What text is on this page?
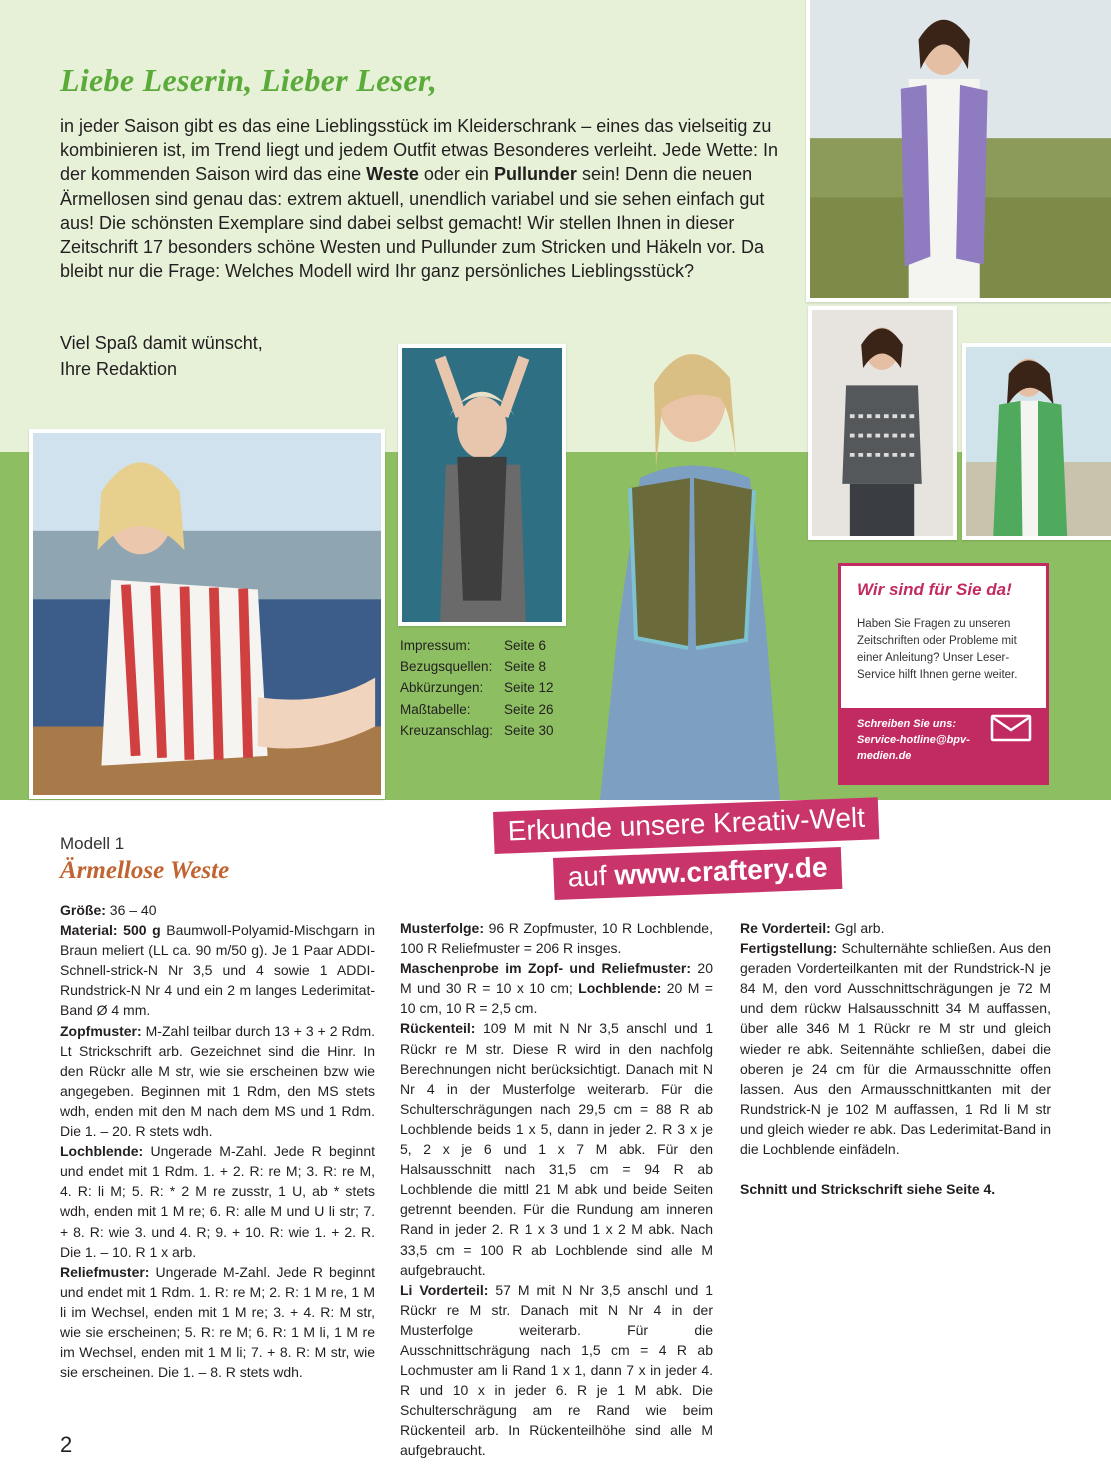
Liebe Leserin, Lieber Leser,

in jeder Saison gibt es das eine Lieblingsstück im Kleiderschrank – eines das vielseitig zu kombinieren ist, im Trend liegt und jedem Outfit etwas Besonderes verleiht. Jede Wette: In der kommenden Saison wird das eine Weste oder ein Pullunder sein! Denn die neuen Ärmellosen sind genau das: extrem aktuell, unendlich variabel und sie sehen einfach gut aus! Die schönsten Exemplare sind dabei selbst gemacht! Wir stellen Ihnen in dieser Zeitschrift 17 besonders schöne Westen und Pullunder zum Stricken und Häkeln vor. Da bleibt nur die Frage: Welches Modell wird Ihr ganz persönliches Lieblingsstück?

Viel Spaß damit wünscht,
Ihre Redaktion

Impressum:	Seite 6
Bezugsquellen: Seite 8
Abkürzungen:	Seite 12
Maßtabelle:	Seite 26
Kreuzanschlag: Seite 30

Wir sind für Sie da!

Haben Sie Fragen zu unseren Zeitschriften oder Probleme mit einer Anleitung? Unser Leser-Service hilft Ihnen gerne weiter.

Schreiben Sie uns: Service-hotline@bpv-medien.de

Erkunde unsere Kreativ-Welt
auf www.craftery.de

Modell 1

Ärmellose Weste

Größe: 36 – 40

Material: 500 g Baumwoll-Polyamid-Mischgarn in Braun meliert (LL ca. 90 m/50 g). Je 1 Paar ADDI-Schnell-strick-N Nr 3,5 und 4 sowie 1 ADDI-Rundstrick-N Nr 4 und ein 2 m langes Lederimitat-Band Ø 4 mm.

Zopfmuster: M-Zahl teilbar durch 13 + 3 + 2 Rdm. Lt Strickschrift arb. Gezeichnet sind die Hinr. In den Rückr alle M str, wie sie erscheinen bzw wie angegeben. Beginnen mit 1 Rdm, den MS stets wdh, enden mit den M nach dem MS und 1 Rdm. Die 1. – 20. R stets wdh.

Lochblende: Ungerade M-Zahl. Jede R beginnt und endet mit 1 Rdm. 1. + 2. R: re M; 3. R: re M, 4. R: li M; 5. R: * 2 M re zusstr, 1 U, ab * stets wdh, enden mit 1 M re; 6. R: alle M und U li str; 7. + 8. R: wie 3. und 4. R; 9. + 10. R: wie 1. + 2. R. Die 1. – 10. R 1 x arb.

Reliefmuster: Ungerade M-Zahl. Jede R beginnt und endet mit 1 Rdm. 1. R: re M; 2. R: 1 M re, 1 M li im Wechsel, enden mit 1 M re; 3. + 4. R: M str, wie sie erscheinen; 5. R: re M; 6. R: 1 M li, 1 M re im Wechsel, enden mit 1 M li; 7. + 8. R: M str, wie sie erscheinen. Die 1. – 8. R stets wdh.

Musterfolge: 96 R Zopfmuster, 10 R Lochblende, 100 R Reliefmuster = 206 R insges.

Maschenprobe im Zopf- und Reliefmuster: 20 M und 30 R = 10 x 10 cm; Lochblende: 20 M = 10 cm, 10 R = 2,5 cm.

Rückenteil: 109 M mit N Nr 3,5 anschl und 1 Rückr re M str. Diese R wird in den nachfolg Berechnungen nicht berücksichtigt. Danach mit N Nr 4 in der Musterfolge weiterarb. Für die Schulterschrägungen nach 29,5 cm = 88 R ab Lochblende beids 1 x 5, dann in jeder 2. R 3 x je 5, 2 x je 6 und 1 x 7 M abk. Für den Halsausschnitt nach 31,5 cm = 94 R ab Lochblende die mittl 21 M abk und beide Seiten getrennt beenden. Für die Rundung am inneren Rand in jeder 2. R 1 x 3 und 1 x 2 M abk. Nach 33,5 cm = 100 R ab Lochblende sind alle M aufgebraucht.

Li Vorderteil: 57 M mit N Nr 3,5 anschl und 1 Rückr re M str. Danach mit N Nr 4 in der Musterfolge weiterarb. Für die Ausschnittschrägung nach 1,5 cm = 4 R ab Lochmuster am li Rand 1 x 1, dann 7 x in jeder 4. R und 10 x in jeder 6. R je 1 M abk. Die Schulterschrägung am re Rand wie beim Rückenteil arb. In Rückenteilhöhe sind alle M aufgebraucht.

Re Vorderteil: Ggl arb.

Fertigstellung: Schulternähte schließen. Aus den geraden Vorderteilkanten mit der Rundstrick-N je 84 M, den vord Ausschnittschrägungen je 72 M und dem rückw Halsausschnitt 34 M auffassen, über alle 346 M 1 Rückr re M str und gleich wieder re abk. Seitennähte schließen, dabei die oberen je 24 cm für die Armausschnitte offen lassen. Aus den Armausschnittkanten mit der Rundstrick-N je 102 M auffassen, 1 Rd li M str und gleich wieder re abk. Das Lederimitat-Band in die Lochblende einfädeln.

Schnitt und Strickschrift siehe Seite 4.

2
